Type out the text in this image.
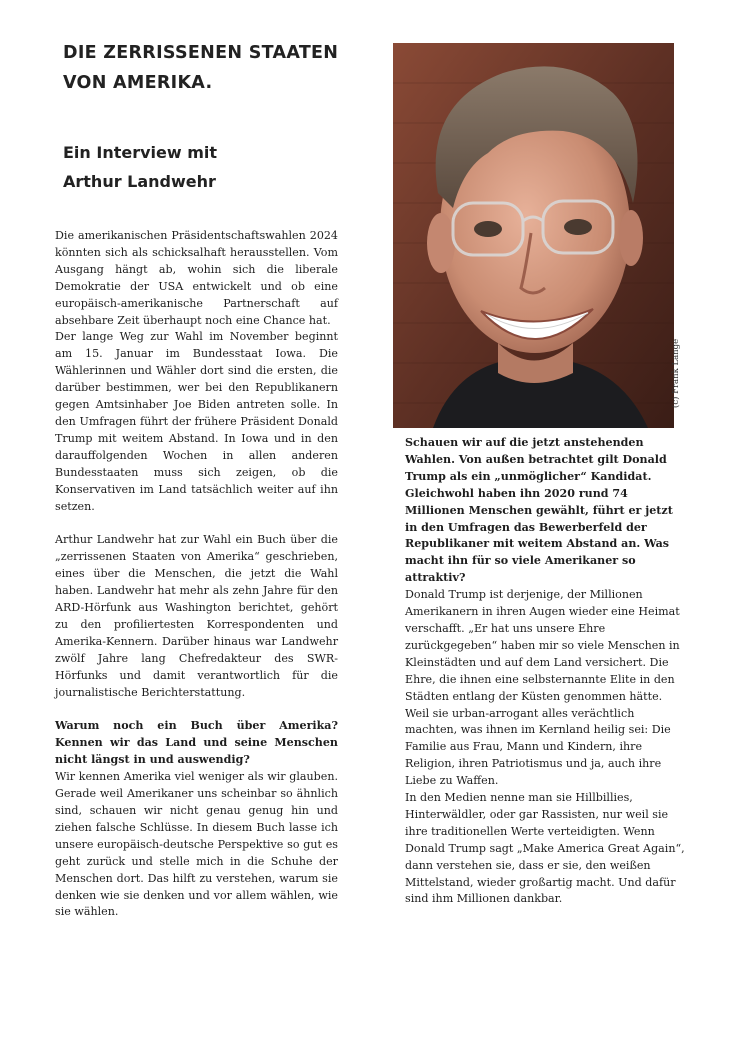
DIE ZERRISSENEN STAATEN
VON AMERIKA.
Ein Interview mit
Arthur Landwehr

Die amerikanischen Präsidentschaftswahlen 2024 könnten sich als schicksalhaft herausstellen. Vom Ausgang hängt ab, wohin sich die liberale Demokratie der USA entwickelt und ob eine europäisch-amerikanische Partnerschaft auf absehbare Zeit überhaupt noch eine Chance hat.

Der lange Weg zur Wahl im November beginnt am 15. Januar im Bundesstaat Iowa. Die Wählerinnen und Wähler dort sind die ersten, die darüber bestimmen, wer bei den Republikanern gegen Amtsinhaber Joe Biden antreten solle. In den Umfragen führt der frühere Präsident Donald Trump mit weitem Abstand. In Iowa und in den darauffolgenden Wochen in allen anderen Bundesstaaten muss sich zeigen, ob die Konservativen im Land tatsächlich weiter auf ihn setzen.

Arthur Landwehr hat zur Wahl ein Buch über die „zerrissenen Staaten von Amerika“ geschrieben, eines über die Menschen, die jetzt die Wahl haben. Landwehr hat mehr als zehn Jahre für den ARD-Hörfunk aus Washington berichtet, gehört zu den profiliertesten Korrespondenten und Amerika-Kennern. Darüber hinaus war Landwehr zwölf Jahre lang Chefredakteur des SWR-Hörfunks und damit verantwortlich für die journalistische Berichterstattung.

Warum noch ein Buch über Amerika? Kennen wir das Land und seine Menschen nicht längst in und auswendig?

Wir kennen Amerika viel weniger als wir glauben. Gerade weil Amerikaner uns scheinbar so ähnlich sind, schauen wir nicht genau genug hin und ziehen falsche Schlüsse. In diesem Buch lasse ich unsere europäisch-deutsche Perspektive so gut es geht zurück und stelle mich in die Schuhe der Menschen dort. Das hilft zu verstehen, warum sie denken wie sie denken und vor allem wählen, wie sie wählen.

(c) Frank Lange

Schauen wir auf die jetzt anstehenden Wahlen. Von außen betrachtet gilt Donald Trump als ein „unmöglicher“ Kandidat. Gleichwohl haben ihn 2020 rund 74 Millionen Menschen gewählt, führt er jetzt in den Umfragen das Bewerberfeld der Republikaner mit weitem Abstand an. Was macht ihn für so viele Amerikaner so attraktiv?

Donald Trump ist derjenige, der Millionen Amerikanern in ihren Augen wieder eine Heimat verschafft. „Er hat uns unsere Ehre zurückgegeben“ haben mir so viele Menschen in Kleinstädten und auf dem Land versichert. Die Ehre, die ihnen eine selbsternannte Elite in den Städten entlang der Küsten genommen hätte. Weil sie urban-arrogant alles verächtlich machten, was ihnen im Kernland heilig sei: Die Familie aus Frau, Mann und Kindern, ihre Religion, ihren Patriotismus und ja, auch ihre Liebe zu Waffen.

In den Medien nenne man sie Hillbillies, Hinterwäldler, oder gar Rassisten, nur weil sie ihre traditionellen Werte verteidigten. Wenn Donald Trump sagt „Make America Great Again“, dann verstehen sie, dass er sie, den weißen Mittelstand, wieder großartig macht. Und dafür sind ihm Millionen dankbar.
